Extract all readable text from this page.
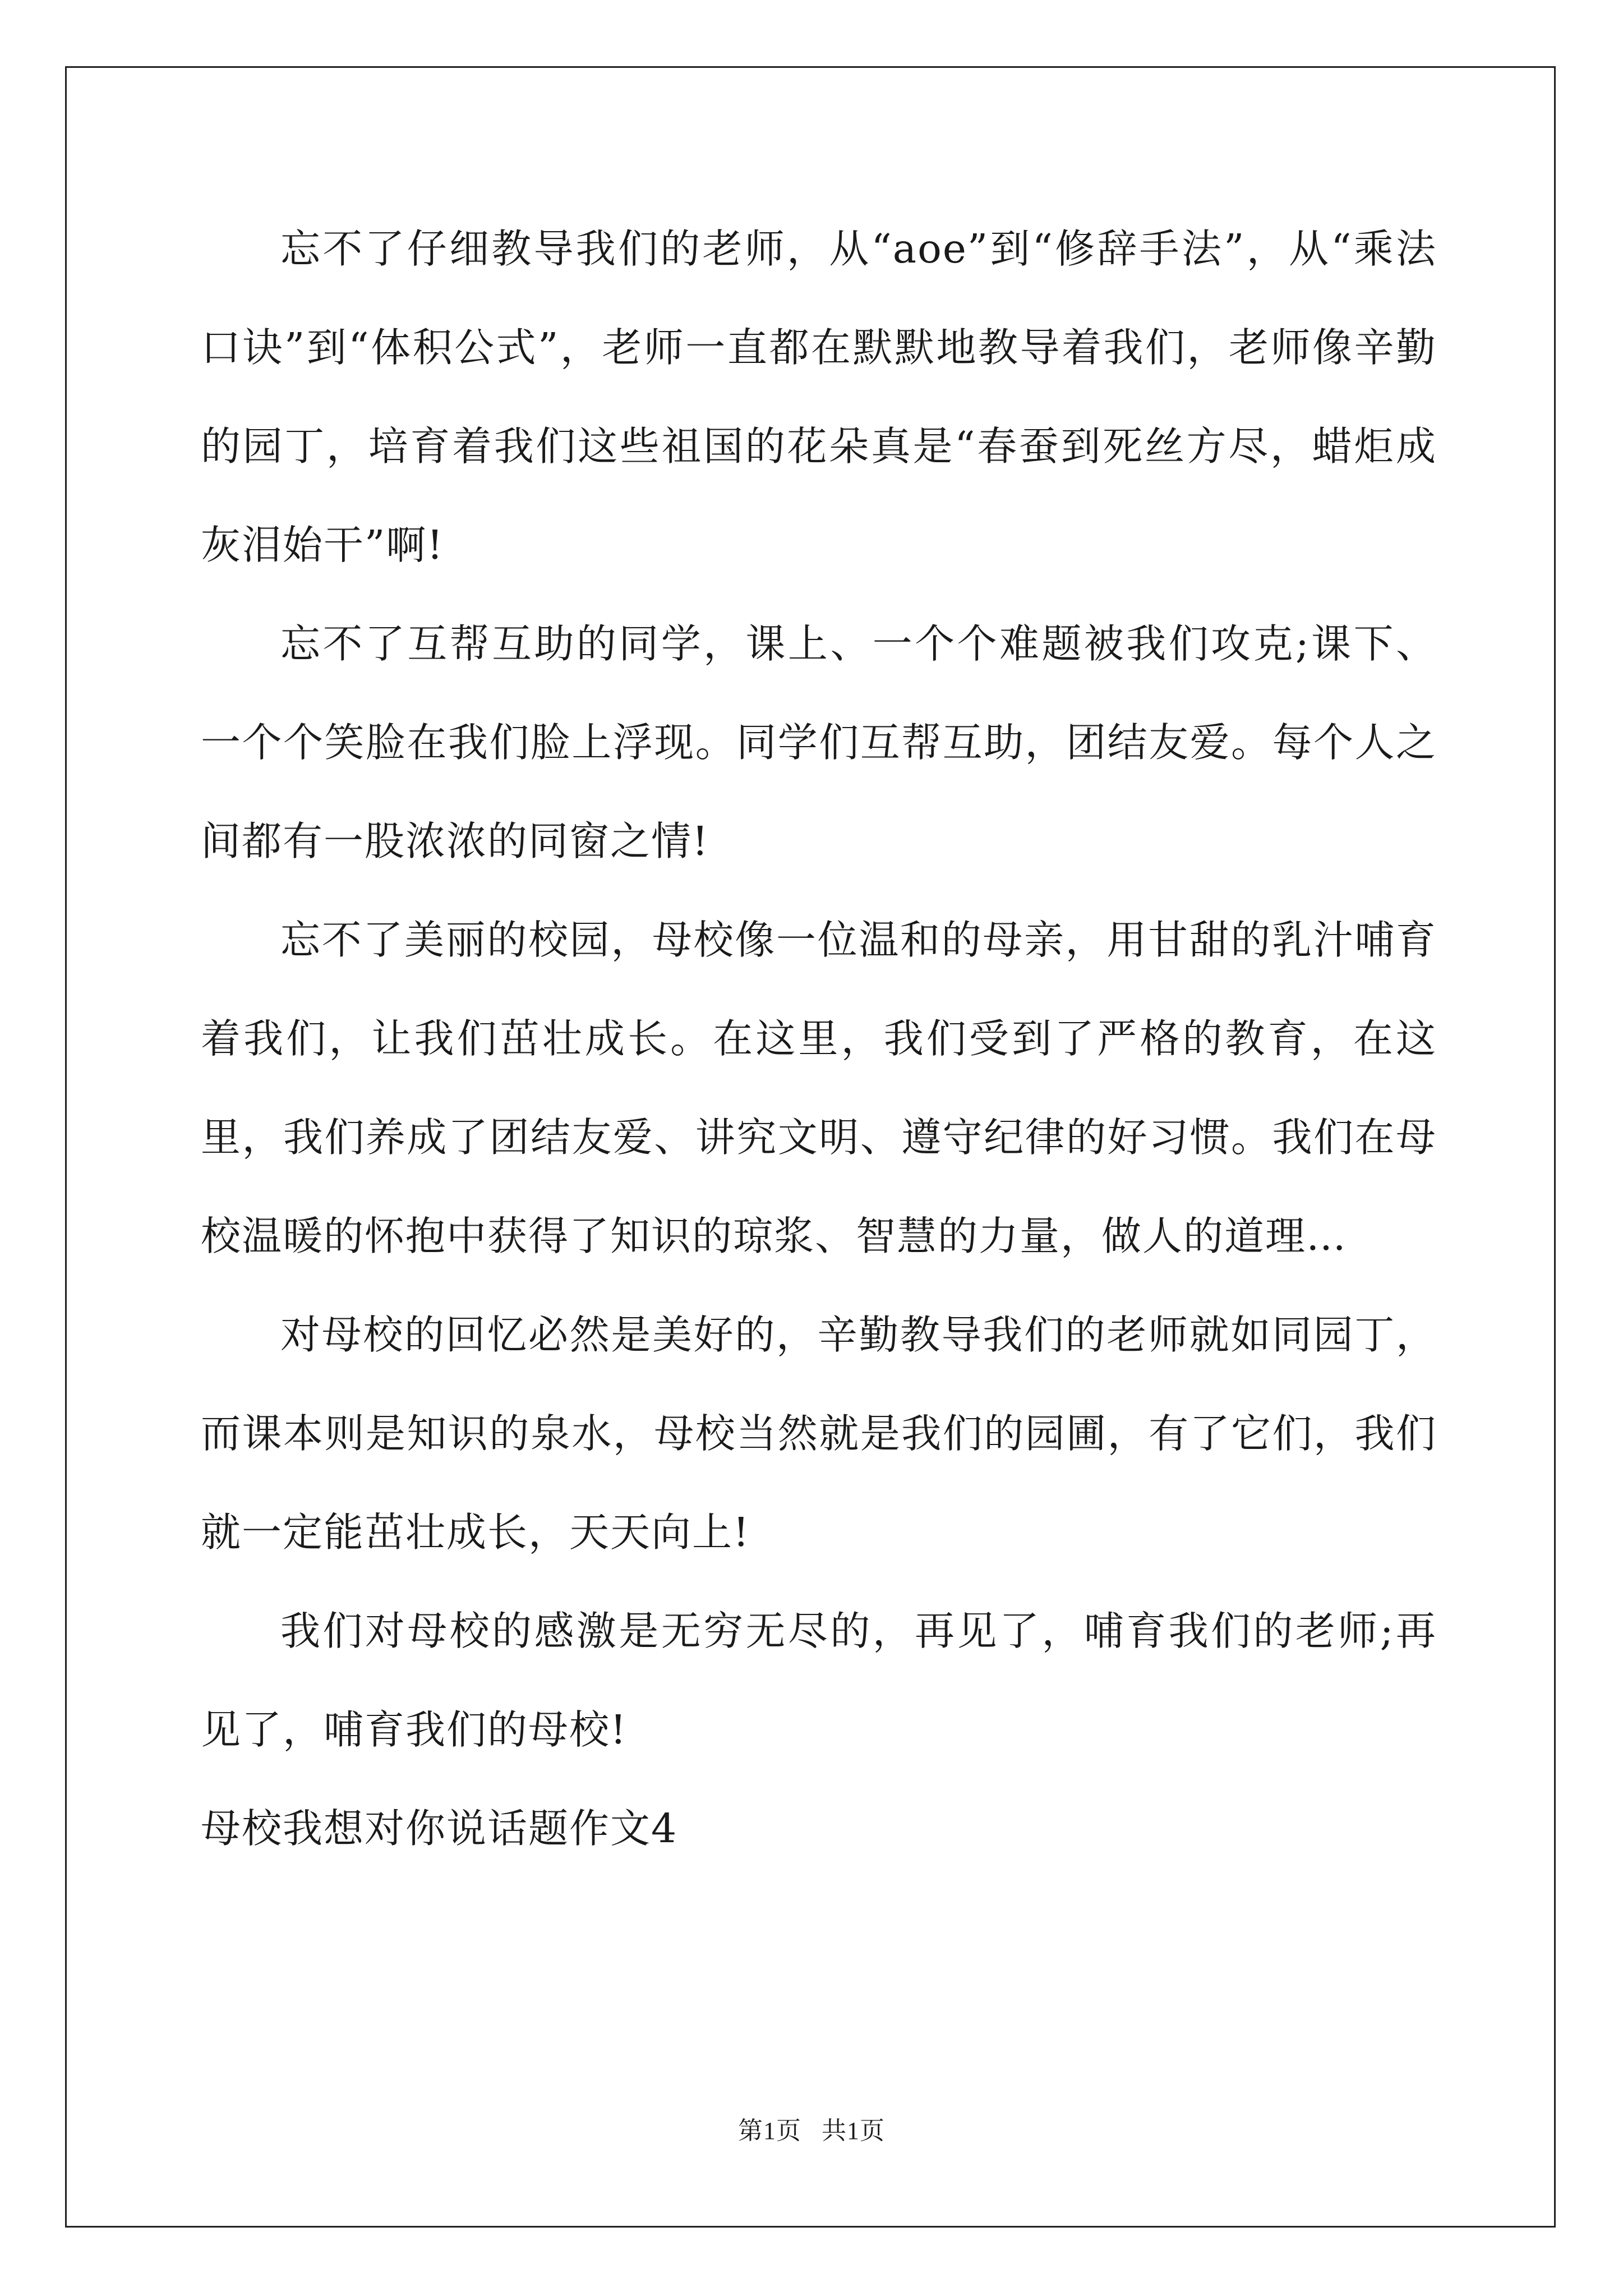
忘不了仔细教导我们的老师，从“aoe”到“修辞手法”，从“乘法口诀”到“体积公式”，老师一直都在默默地教导着我们，老师像辛勤的园丁，培育着我们这些祖国的花朵真是“春蚕到死丝方尽，蜡炬成灰泪始干”啊!

忘不了互帮互助的同学，课上、一个个难题被我们攻克;课下、一个个笑脸在我们脸上浮现。同学们互帮互助，团结友爱。每个人之间都有一股浓浓的同窗之情!

忘不了美丽的校园，母校像一位温和的母亲，用甘甜的乳汁哺育着我们，让我们茁壮成长。在这里，我们受到了严格的教育，在这里，我们养成了团结友爱、讲究文明、遵守纪律的好习惯。我们在母校温暖的怀抱中获得了知识的琼浆、智慧的力量，做人的道理…

对母校的回忆必然是美好的，辛勤教导我们的老师就如同园丁，而课本则是知识的泉水，母校当然就是我们的园圃，有了它们，我们就一定能茁壮成长，天天向上!

我们对母校的感激是无穷无尽的，再见了，哺育我们的老师;再见了，哺育我们的母校!

母校我想对你说话题作文4

第1页 共1页
